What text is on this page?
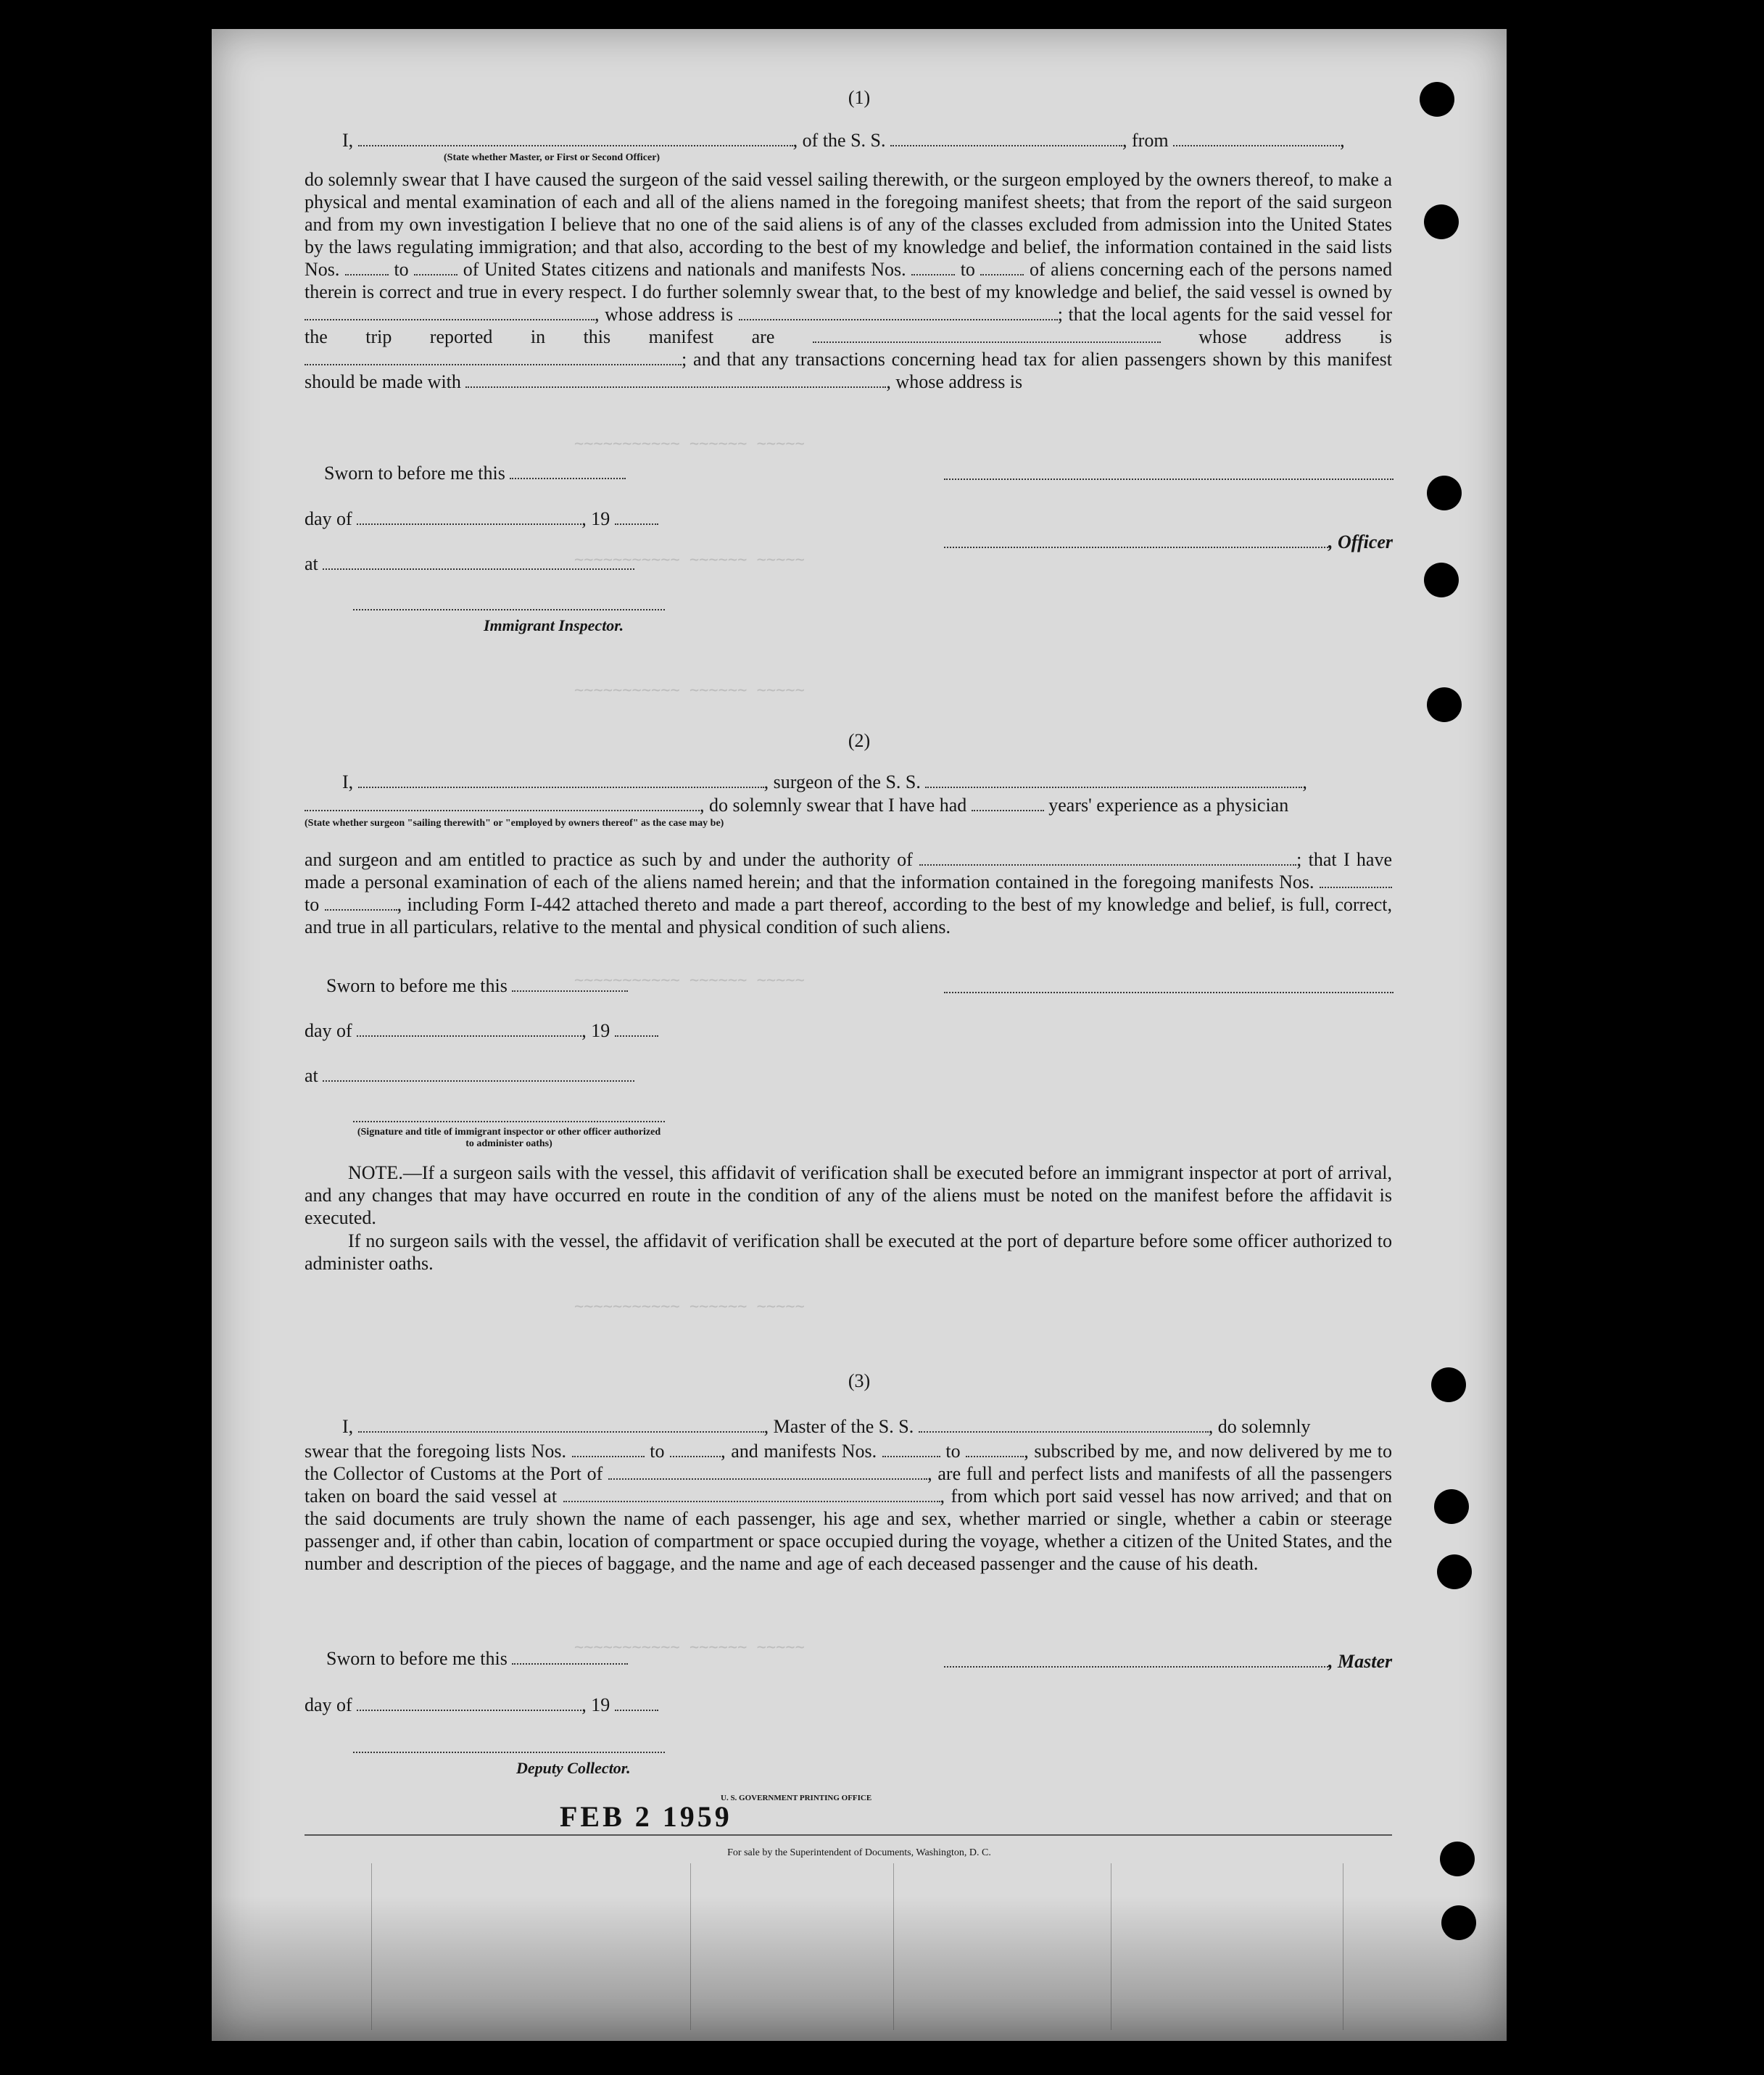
~~~~~~~~~~~ ~~~~~~ ~~~~~
~~~~~~~~~~~ ~~~~~~ ~~~~~
~~~~~~~~~~~ ~~~~~~ ~~~~~
~~~~~~~~~~~ ~~~~~~ ~~~~~
~~~~~~~~~~~ ~~~~~~ ~~~~~
~~~~~~~~~~~ ~~~~~~ ~~~~~
(1)
I,	, of the S. S.	, from	,
(State whether Master, or First or Second Officer)
do solemnly swear that I have caused the surgeon of the said vessel sailing therewith, or the surgeon employed by the owners thereof, to make a physical and mental examination of each and all of the aliens named in the foregoing manifest sheets; that from the report of the said surgeon and from my own investigation I believe that no one of the said aliens is of any of the classes excluded from admission into the United States by the laws regulating immigration; and that also, according to the best of my knowledge and belief, the information contained in the said lists Nos.	to	of United States citizens and nationals and manifests Nos.	to	of aliens concerning each of the persons named therein is correct and true in every respect. I do further solemnly swear that, to the best of my knowledge and belief, the said vessel is owned by , whose address is	; that the local agents for the said vessel for the trip reported in this manifest are	whose address is ; and that any transactions concerning head tax for alien passengers shown by this manifest should be made with	, whose address is
Sworn to before me this
day of	, 19
, Officer
at
Immigrant Inspector.
(2)
I,	, surgeon of the S. S.	,
, do solemnly swear that I have had	years' experience as a physician
(State whether surgeon "sailing therewith" or "employed by owners thereof" as the case may be)
and surgeon and am entitled to practice as such by and under the authority of	; that I have made a personal examination of each of the aliens named herein; and that the information contained in the foregoing manifests Nos.  to	, including Form I-442 attached thereto and made a part thereof, according to the best of my knowledge and belief, is full, correct, and true in all particulars, relative to the mental and physical condition of such aliens.
Sworn to before me this
day of	, 19
at
(Signature and title of immigrant inspector or other officer authorized to administer oaths)
NOTE.—If a surgeon sails with the vessel, this affidavit of verification shall be executed before an immigrant inspector at port of arrival, and any changes that may have occurred en route in the condition of any of the aliens must be noted on the manifest before the affidavit is executed.
If no surgeon sails with the vessel, the affidavit of verification shall be executed at the port of departure before some officer authorized to administer oaths.
(3)
I,	, Master of the S. S.	, do solemnly
swear that the foregoing lists Nos.	to	, and manifests Nos.	to	, subscribed by me, and now delivered by me to the Collector of Customs at the Port of	, are full and perfect lists and manifests of all the passengers taken on board the said vessel at	, from which port said vessel has now arrived; and that on the said documents are truly shown the name of each passenger, his age and sex, whether married or single, whether a cabin or steerage passenger and, if other than cabin, location of compartment or space occupied during the voyage, whether a citizen of the United States, and the number and description of the pieces of baggage, and the name and age of each deceased passenger and the cause of his death.
Sworn to before me this	, Master
day of	, 19
Deputy Collector.
U. S. GOVERNMENT PRINTING OFFICE
FEB 2 1959
For sale by the Superintendent of Documents, Washington, D. C.
